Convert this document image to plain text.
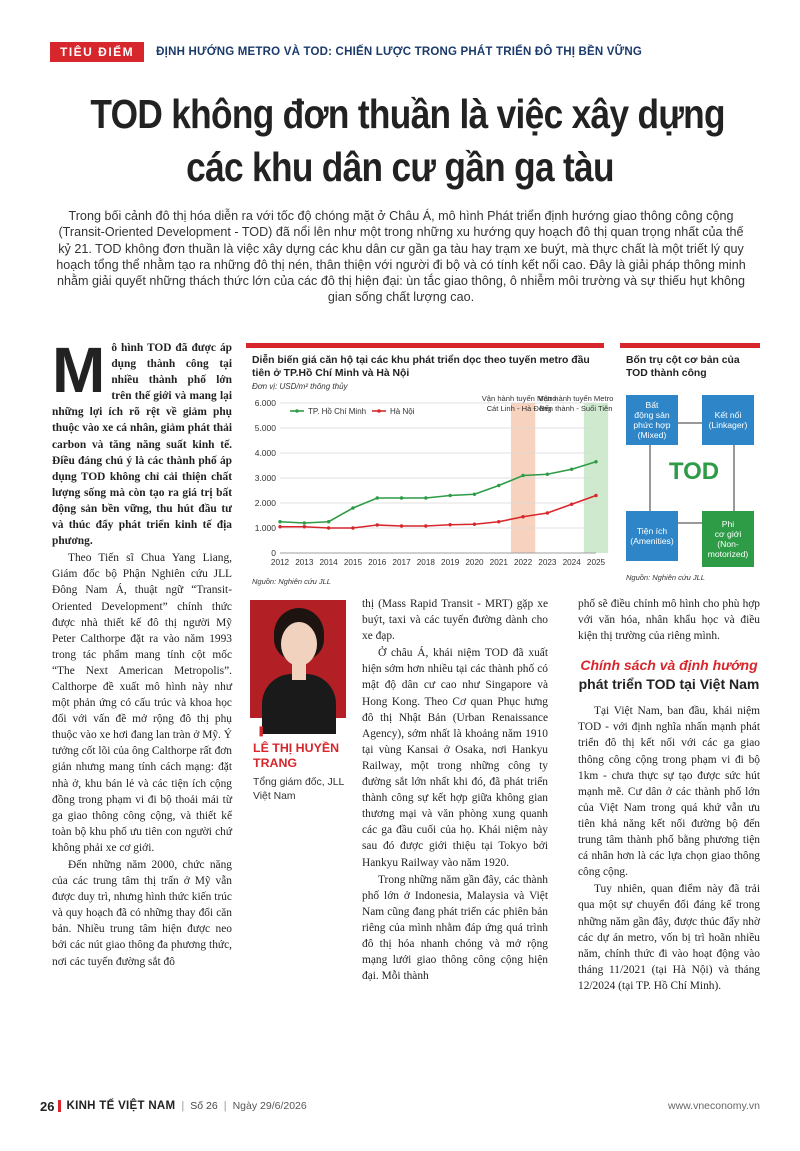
TIÊU ĐIỂM	ĐỊNH HƯỚNG METRO VÀ TOD: CHIẾN LƯỢC TRONG PHÁT TRIỂN ĐÔ THỊ BỀN VỮNG
TOD không đơn thuần là việc xây dựng
các khu dân cư gần ga tàu
Trong bối cảnh đô thị hóa diễn ra với tốc độ chóng mặt ở Châu Á, mô hình Phát triển định hướng giao thông công cộng (Transit-Oriented Development - TOD) đã nổi lên như một trong những xu hướng quy hoạch đô thị quan trọng nhất của thế kỷ 21. TOD không đơn thuần là việc xây dựng các khu dân cư gần ga tàu hay trạm xe buýt, mà thực chất là một triết lý quy hoạch tổng thể nhằm tạo ra những đô thị nén, thân thiện với người đi bộ và có tính kết nối cao. Đây là giải pháp thông minh nhằm giải quyết những thách thức lớn của các đô thị hiện đại: ùn tắc giao thông, ô nhiễm môi trường và sự thiếu hụt không gian sống chất lượng cao.
M ô hình TOD đã được áp dụng thành công tại nhiều thành phố lớn trên thế giới và mang lại những lợi ích rõ rệt về giảm phụ thuộc vào xe cá nhân, giảm phát thải carbon và tăng năng suất kinh tế. Điều đáng chú ý là các thành phố áp dụng TOD không chỉ cải thiện chất lượng sống mà còn tạo ra giá trị bất động sản bền vững, thu hút đầu tư và thúc đẩy phát triển kinh tế địa phương.

Theo Tiến sĩ Chua Yang Liang, Giám đốc bộ Phận Nghiên cứu JLL Đông Nam Á, thuật ngữ “Transit-Oriented Development” chính thức được nhà thiết kế đô thị người Mỹ Peter Calthorpe đặt ra vào năm 1993 trong tác phẩm mang tính cột mốc “The Next American Metropolis”. Calthorpe đề xuất mô hình này như một phản ứng có cấu trúc và khoa học đối với vấn đề mở rộng đô thị phụ thuộc vào xe hơi đang lan tràn ở Mỹ. Ý tưởng cốt lõi của ông Calthorpe rất đơn giản nhưng mang tính cách mạng: đặt nhà ở, khu bán lẻ và các tiện ích cộng đồng trong phạm vi đi bộ thoải mái từ ga giao thông công cộng, và thiết kế toàn bộ khu phố ưu tiên con người chứ không phải xe cơ giới.

Đến những năm 2000, chức năng của các trung tâm thị trấn ở Mỹ vẫn được duy trì, nhưng hình thức kiến trúc và quy hoạch đã có những thay đổi căn bản. Nhiều trung tâm hiện được neo bởi các nút giao thông đa phương thức, nơi các tuyến đường sắt đô

Diễn biến giá căn hộ tại các khu phát triển dọc theo tuyến metro đầu tiên ở TP.Hồ Chí Minh và Hà Nội
Đơn vị: USD/m² thông thủy
0
1.000
2.000
3.000
4.000
5.000
6.000
2012 2013 2014 2015 2016 2017 2018 2019 2020 2021 2022 2023 2024 2025
TP. Hồ Chí Minh	Hà Nội
Vận hành tuyến Metro
Cát Linh - Hà Đông
Vận hành tuyến Metro
Bến thành - Suối Tiên
Nguồn: Nghiên cứu JLL
Bốn trụ cột cơ bản của TOD thành công
Bất
động sản
phức hợp
(Mixed)
Kết nối
(Linkager)
TOD
Tiện ích
(Amenities)
Phi
cơ giới
(Non-
motorized)
Nguồn: Nghiên cứu JLL
❚
LÊ THỊ HUYỀN TRANG
Tổng giám đốc, JLL Việt Nam

thị (Mass Rapid Transit - MRT) gặp xe buýt, taxi và các tuyến đường dành cho xe đạp.

Ở châu Á, khái niệm TOD đã xuất hiện sớm hơn nhiều tại các thành phố có mật độ dân cư cao như Singapore và Hong Kong. Theo Cơ quan Phục hưng đô thị Nhật Bản (Urban Renaissance Agency), sớm nhất là khoảng năm 1910 tại vùng Kansai ở Osaka, nơi Hankyu Railway, một trong những công ty đường sắt lớn nhất khi đó, đã phát triển thành công sự kết hợp giữa không gian thương mại và văn phòng xung quanh các ga đầu cuối của họ. Khái niệm này sau đó được giới thiệu tại Tokyo bởi Hankyu Railway vào năm 1920.

Trong những năm gần đây, các thành phố lớn ở Indonesia, Malaysia và Việt Nam cũng đang phát triển các phiên bản riêng của mình nhằm đáp ứng quá trình đô thị hóa nhanh chóng và mở rộng mạng lưới giao thông công cộng hiện đại. Mỗi thành

phố sẽ điều chỉnh mô hình cho phù hợp với văn hóa, nhân khẩu học và điều kiện thị trường của riêng mình.

Chính sách và định hướng
phát triển TOD tại Việt Nam

Tại Việt Nam, ban đầu, khái niệm TOD - với định nghĩa nhấn mạnh phát triển đô thị kết nối với các ga giao thông công cộng trong phạm vi đi bộ 1km - chưa thực sự tạo được sức hút mạnh mẽ. Cư dân ở các thành phố lớn của Việt Nam trong quá khứ vẫn ưu tiên khả năng kết nối đường bộ đến trung tâm thành phố bằng phương tiện cá nhân hơn là các lựa chọn giao thông công cộng.

Tuy nhiên, quan điểm này đã trải qua một sự chuyển đổi đáng kể trong những năm gần đây, được thúc đẩy nhờ các dự án metro, vốn bị trì hoãn nhiều năm, chính thức đi vào hoạt động vào tháng 11/2021 (tại Hà Nội) và tháng 12/2024 (tại TP. Hồ Chí Minh).

26 KINH TẾ VIỆT NAM | Số 26 | Ngày 29/6/2026	www.vneconomy.vn
